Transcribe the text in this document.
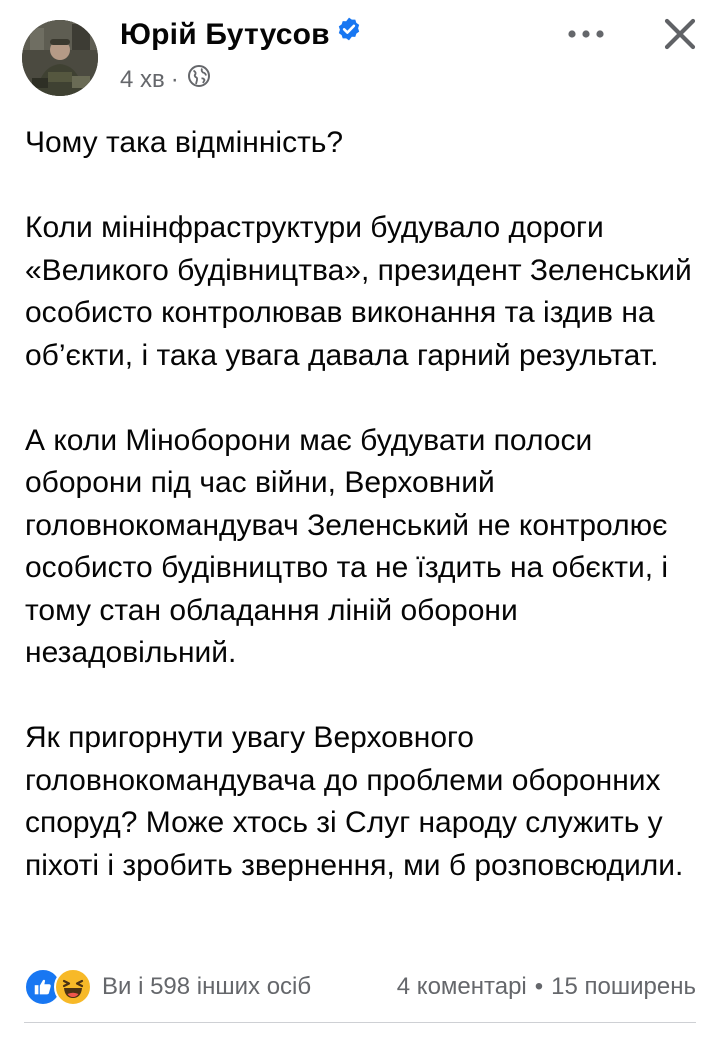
Юрій Бутусов
4 хв ·

Чому така відмінність?

Коли мінінфраструктури будувало дороги «Великого будівництва», президент Зеленський особисто контролював виконання та іздив на об’єкти, і така увага давала гарний результат.

А коли Міноборони має будувати полоси оборони під час війни, Верховний головнокомандувач Зеленський не контролює особисто будівництво та не їздить на обєкти, і тому стан обладання ліній оборони незадовільний.

Як пригорнути увагу Верховного головнокомандувача до проблеми оборонних споруд? Може хтось зі Слуг народу служить у піхоті і зробить звернення, ми б розповсюдили.

Ви і 598 інших осіб	4 коментарі • 15 поширень
